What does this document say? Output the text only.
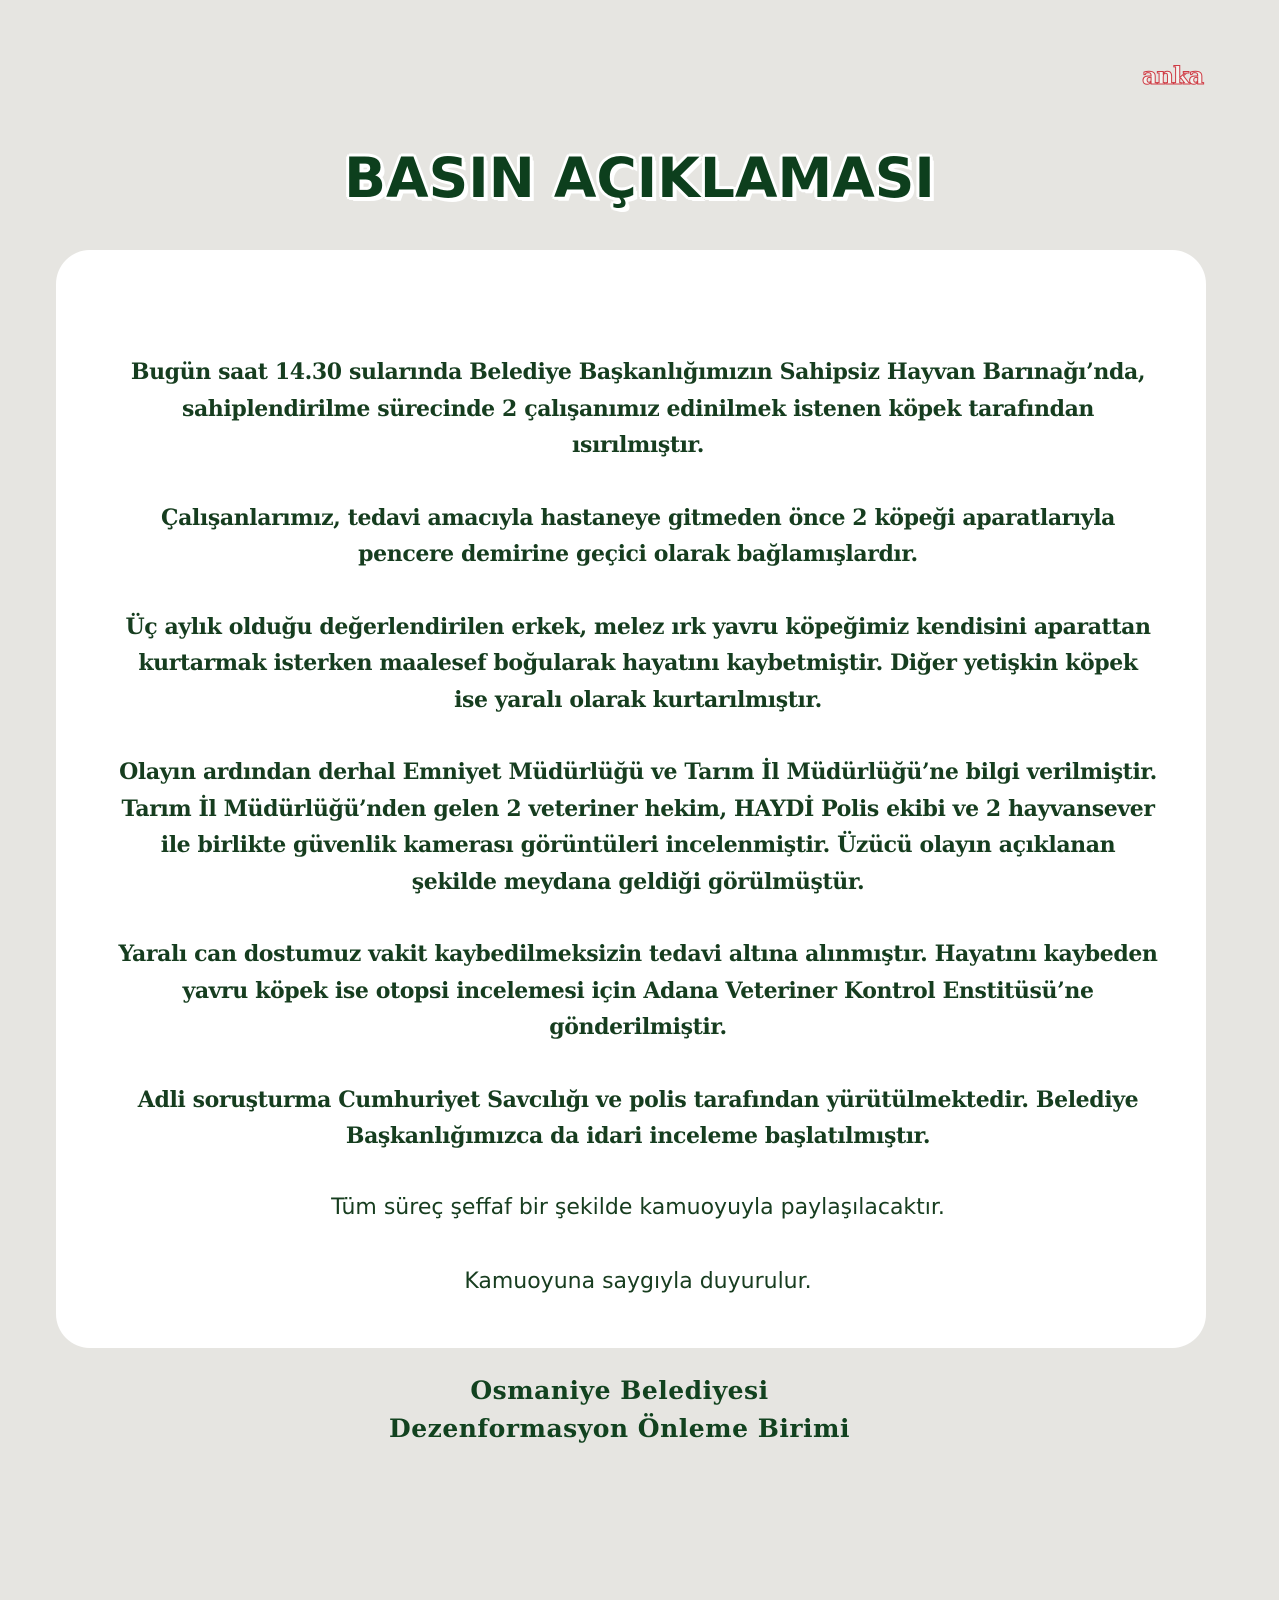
anka
BASIN AÇIKLAMASI

Bugün saat 14.30 sularında Belediye Başkanlığımızın Sahipsiz Hayvan Barınağı’nda, sahiplendirilme sürecinde 2 çalışanımız edinilmek istenen köpek tarafından ısırılmıştır.

Çalışanlarımız, tedavi amacıyla hastaneye gitmeden önce 2 köpeği aparatlarıyla pencere demirine geçici olarak bağlamışlardır.

Üç aylık olduğu değerlendirilen erkek, melez ırk yavru köpeğimiz kendisini aparattan kurtarmak isterken maalesef boğularak hayatını kaybetmiştir. Diğer yetişkin köpek ise yaralı olarak kurtarılmıştır.

Olayın ardından derhal Emniyet Müdürlüğü ve Tarım İl Müdürlüğü’ne bilgi verilmiştir. Tarım İl Müdürlüğü’nden gelen 2 veteriner hekim, HAYDİ Polis ekibi ve 2 hayvansever ile birlikte güvenlik kamerası görüntüleri incelenmiştir. Üzücü olayın açıklanan şekilde meydana geldiği görülmüştür.

Yaralı can dostumuz vakit kaybedilmeksizin tedavi altına alınmıştır. Hayatını kaybeden yavru köpek ise otopsi incelemesi için Adana Veteriner Kontrol Enstitüsü’ne gönderilmiştir.

Adli soruşturma Cumhuriyet Savcılığı ve polis tarafından yürütülmektedir. Belediye Başkanlığımızca da idari inceleme başlatılmıştır.

Tüm süreç şeffaf bir şekilde kamuoyuyla paylaşılacaktır.

Kamuoyuna saygıyla duyurulur.

Osmaniye Belediyesi
Dezenformasyon Önleme Birimi
